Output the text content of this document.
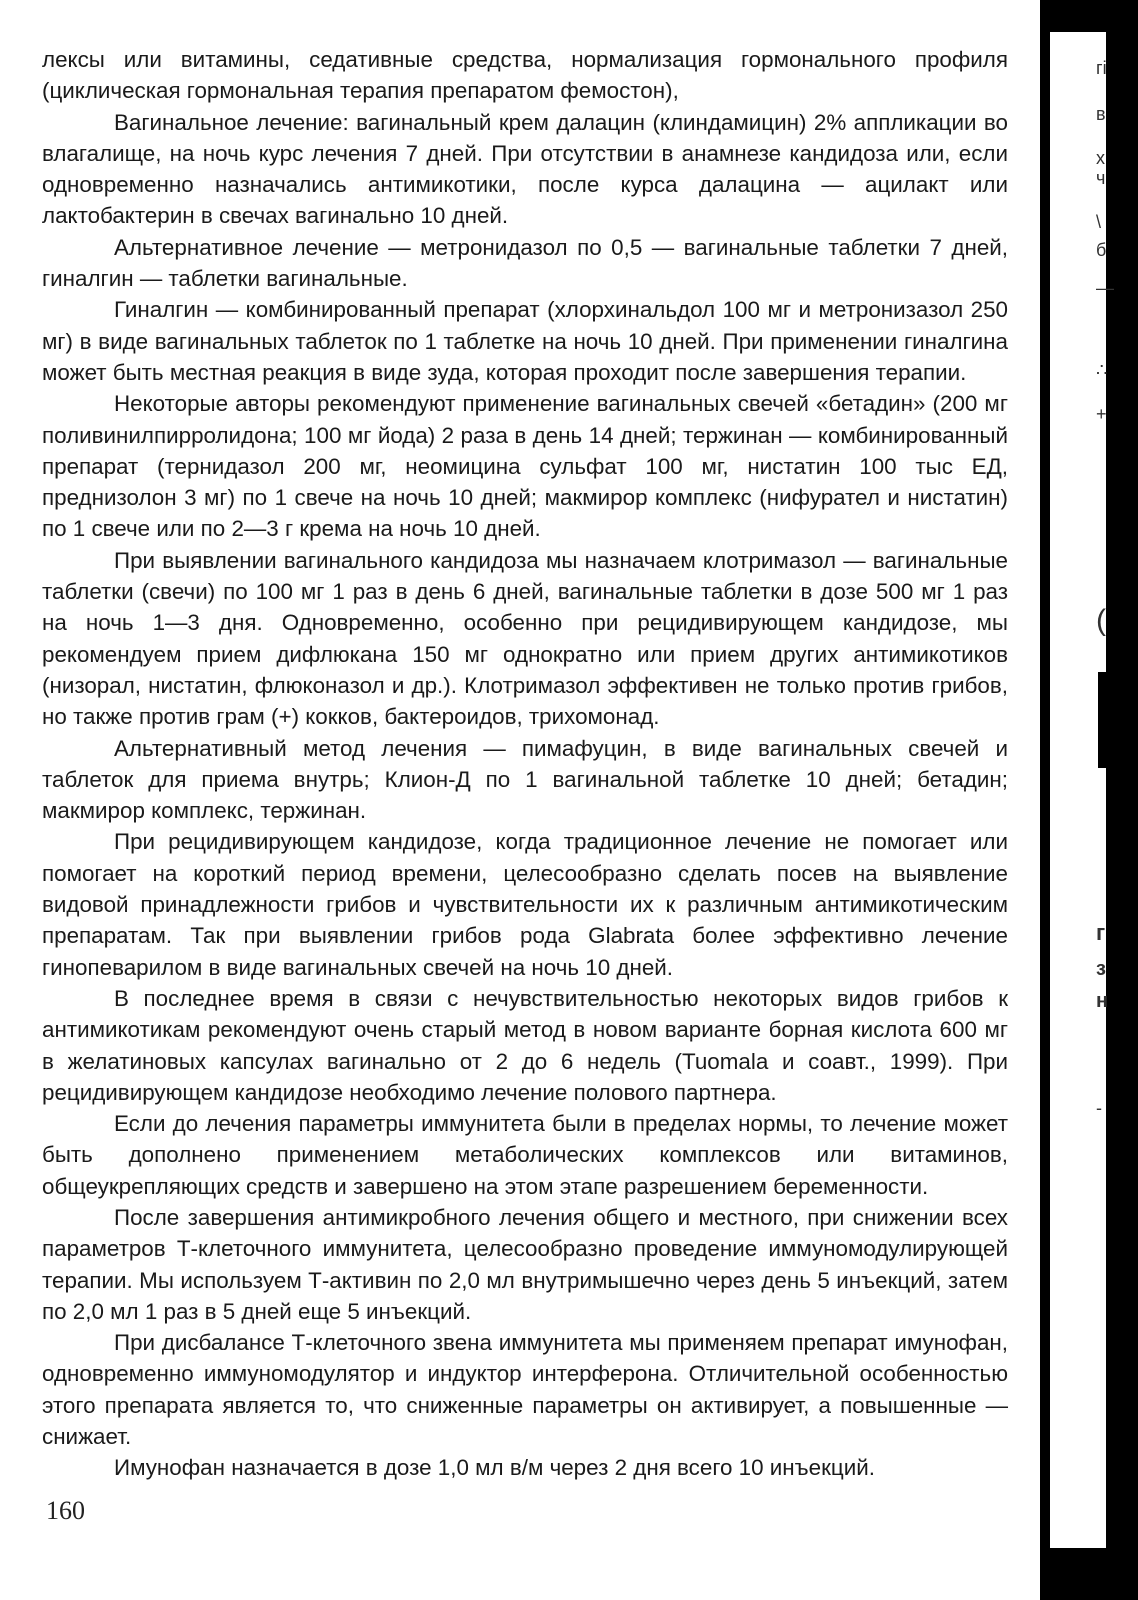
лексы или витамины, седативные средства, нормализация гормонального профиля (циклическая гормональная терапия препаратом фемостон),

Вагинальное лечение: вагинальный крем далацин (клиндамицин) 2% аппликации во влагалище, на ночь курс лечения 7 дней. При отсутствии в анамнезе кандидоза или, если одновременно назначались антимикотики, после курса далацина — ацилакт или лактобактерин в свечах вагинально 10 дней.

Альтернативное лечение — метронидазол по 0,5 — вагинальные таблетки 7 дней, гиналгин — таблетки вагинальные.

Гиналгин — комбинированный препарат (хлорхинальдол 100 мг и метронизазол 250 мг) в виде вагинальных таблеток по 1 таблетке на ночь 10 дней. При применении гиналгина может быть местная реакция в виде зуда, которая проходит после завершения терапии.

Некоторые авторы рекомендуют применение вагинальных свечей «бетадин» (200 мг поливинилпирролидона; 100 мг йода) 2 раза в день 14 дней; тержинан — комбинированный препарат (тернидазол 200 мг, неомицина сульфат 100 мг, нистатин 100 тыс ЕД, преднизолон 3 мг) по 1 свече на ночь 10 дней; макмирор комплекс (нифурател и нистатин) по 1 свече или по 2—3 г крема на ночь 10 дней.

При выявлении вагинального кандидоза мы назначаем клотримазол — вагинальные таблетки (свечи) по 100 мг 1 раз в день 6 дней, вагинальные таблетки в дозе 500 мг 1 раз на ночь 1—3 дня. Одновременно, особенно при рецидивирующем кандидозе, мы рекомендуем прием дифлюкана 150 мг однократно или прием других антимикотиков (низорал, нистатин, флюконазол и др.). Клотримазол эффективен не только против грибов, но также против грам (+) кокков, бактероидов, трихомонад.

Альтернативный метод лечения — пимафуцин, в виде вагинальных свечей и таблеток для приема внутрь; Клион-Д по 1 вагинальной таблетке 10 дней; бетадин; макмирор комплекс, тержинан.

При рецидивирующем кандидозе, когда традиционное лечение не помогает или помогает на короткий период времени, целесообразно сделать посев на выявление видовой принадлежности грибов и чувствительности их к различным антимикотическим препаратам. Так при выявлении грибов рода Glabrata более эффективно лечение гинопеварилом в виде вагинальных свечей на ночь 10 дней.

В последнее время в связи с нечувствительностью некоторых видов грибов к антимикотикам рекомендуют очень старый метод в новом варианте борная кислота 600 мг в желатиновых капсулах вагинально от 2 до 6 недель (Tuomala и соавт., 1999). При рецидивирующем кандидозе необходимо лечение полового партнера.

Если до лечения параметры иммунитета были в пределах нормы, то лечение может быть дополнено применением метаболических комплексов или витаминов, общеукрепляющих средств и завершено на этом этапе разрешением беременности.

После завершения антимикробного лечения общего и местного, при снижении всех параметров Т-клеточного иммунитета, целесообразно проведение иммуномодулирующей терапии. Мы используем Т-активин по 2,0 мл внутримышечно через день 5 инъекций, затем по 2,0 мл 1 раз в 5 дней еще 5 инъекций.

При дисбалансе Т-клеточного звена иммунитета мы применяем препарат имунофан, одновременно иммуномодулятор и индуктор интерферона. Отличительной особенностью этого препарата является то, что сниженные параметры он активирует, а повышенные — снижает.

Имунофан назначается в дозе 1,0 мл в/м через 2 дня всего 10 инъекций.

160
гі
в
х
ч
\
б
—
∴
+
(
г
з
н
-
